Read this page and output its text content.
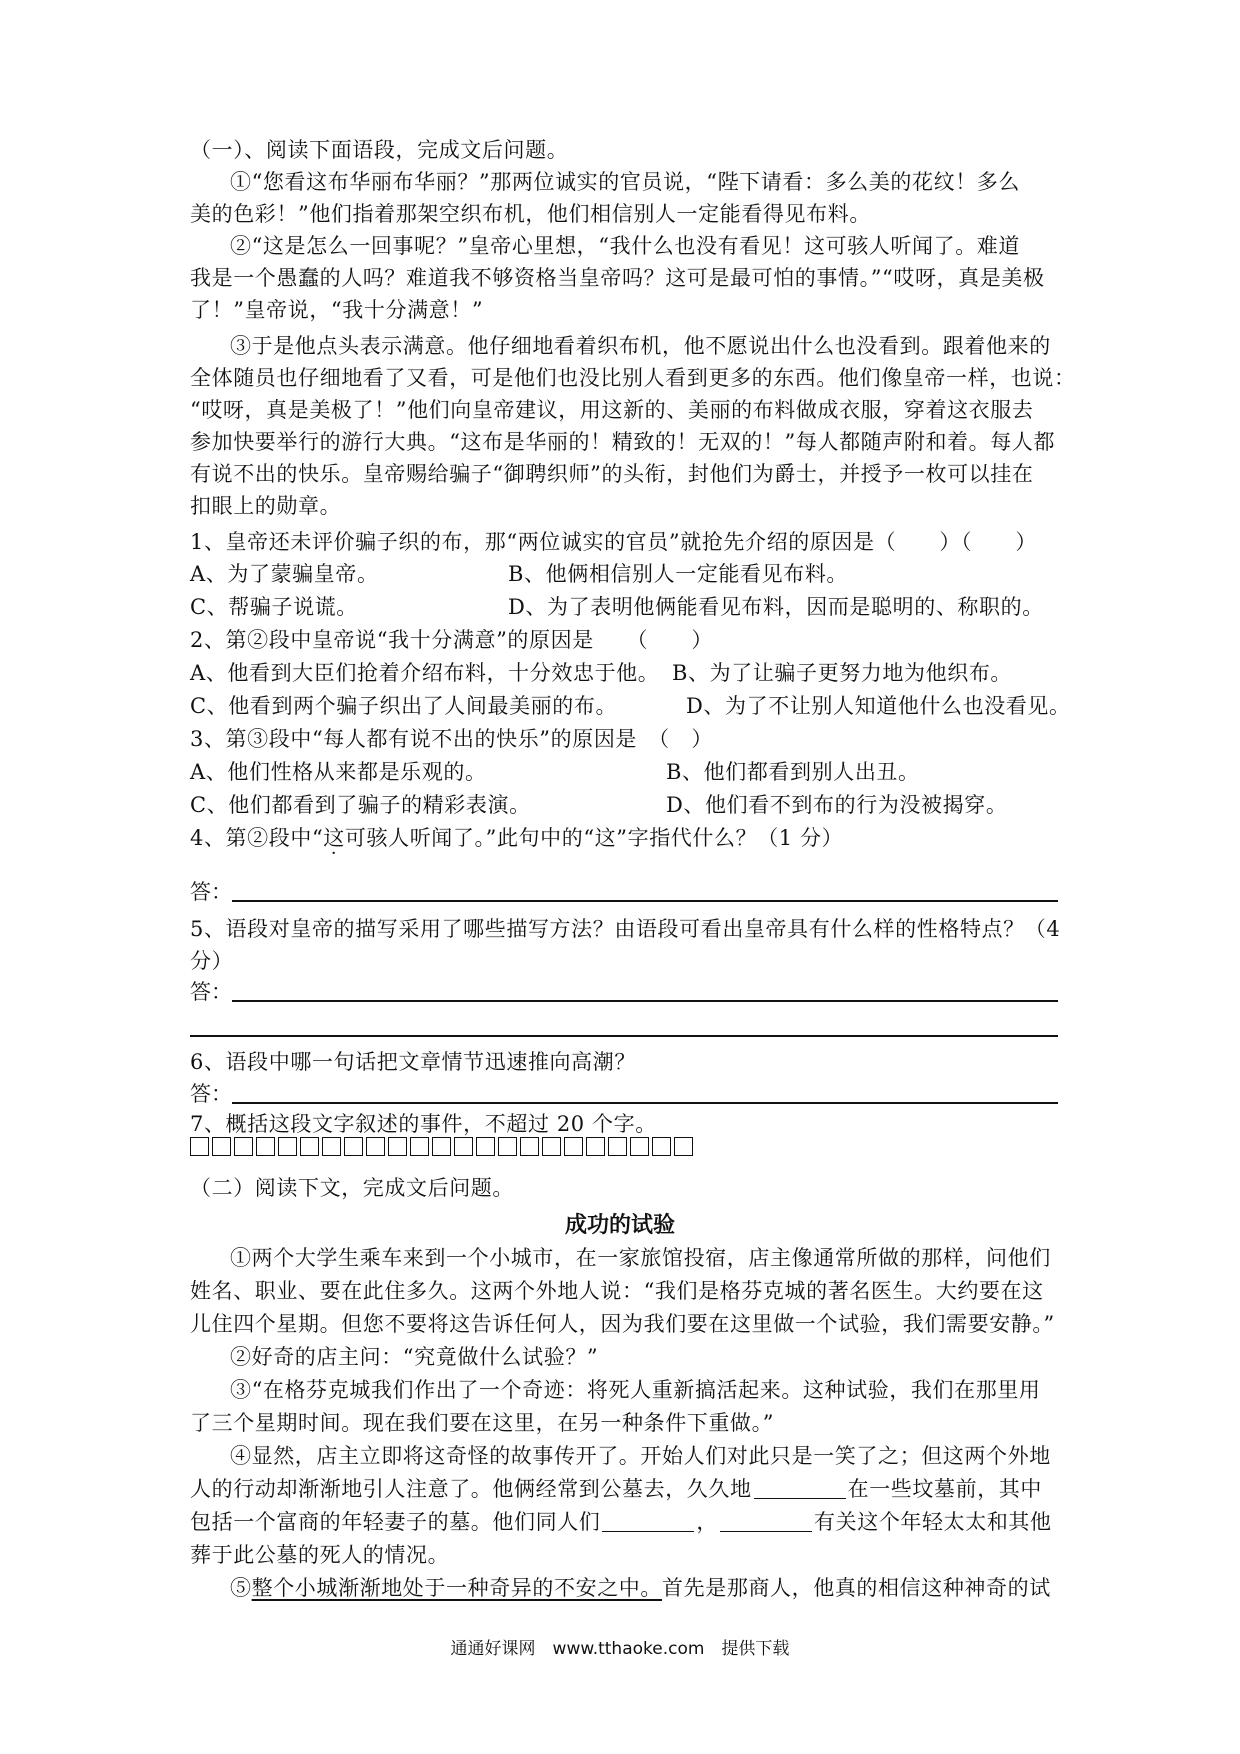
（一）、阅读下面语段，完成文后问题。
①“您看这布华丽布华丽？”那两位诚实的官员说，“陛下请看：多么美的花纹！多么
美的色彩！”他们指着那架空织布机，他们相信别人一定能看得见布料。
②“这是怎么一回事呢？”皇帝心里想，“我什么也没有看见！这可骇人听闻了。难道
我是一个愚蠢的人吗？难道我不够资格当皇帝吗？这可是最可怕的事情。”“哎呀，真是美极
了！”皇帝说，“我十分满意！”
③于是他点头表示满意。他仔细地看着织布机，他不愿说出什么也没看到。跟着他来的
全体随员也仔细地看了又看，可是他们也没比别人看到更多的东西。他们像皇帝一样，也说：
“哎呀，真是美极了！”他们向皇帝建议，用这新的、美丽的布料做成衣服，穿着这衣服去
参加快要举行的游行大典。“这布是华丽的！精致的！无双的！”每人都随声附和着。每人都
有说不出的快乐。皇帝赐给骗子“御聘织师”的头衔，封他们为爵士，并授予一枚可以挂在
扣眼上的勋章。
1、皇帝还未评价骗子织的布，那“两位诚实的官员”就抢先介绍的原因是（　　）（　　）
A、为了蒙骗皇帝。	B、他俩相信别人一定能看见布料。
C、帮骗子说谎。	D、为了表明他俩能看见布料，因而是聪明的、称职的。
2、第②段中皇帝说“我十分满意”的原因是　　（　　）
A、他看到大臣们抢着介绍布料，十分效忠于他。 B、为了让骗子更努力地为他织布。
C、他看到两个骗子织出了人间最美丽的布。	D、为了不让别人知道他什么也没看见。
3、第③段中“每人都有说不出的快乐”的原因是　（　）
A、他们性格从来都是乐观的。	B、他们都看到别人出丑。
C、他们都看到了骗子的精彩表演。	D、他们看不到布的行为没被揭穿。
4、第②段中“这可骇人听闻了。”此句中的“这”字指代什么？（1 分）
答：
5、语段对皇帝的描写采用了哪些描写方法？由语段可看出皇帝具有什么样的性格特点？（4
分）
答：
6、语段中哪一句话把文章情节迅速推向高潮？
答：
7、概括这段文字叙述的事件，不超过 20 个字。
（二）阅读下文，完成文后问题。
成功的试验
①两个大学生乘车来到一个小城市，在一家旅馆投宿，店主像通常所做的那样，问他们
姓名、职业、要在此住多久。这两个外地人说：“我们是格芬克城的著名医生。大约要在这
儿住四个星期。但您不要将这告诉任何人，因为我们要在这里做一个试验，我们需要安静。”
②好奇的店主问：“究竟做什么试验？”
③“在格芬克城我们作出了一个奇迹：将死人重新搞活起来。这种试验，我们在那里用
了三个星期时间。现在我们要在这里，在另一种条件下重做。”
④显然，店主立即将这奇怪的故事传开了。开始人们对此只是一笑了之；但这两个外地
人的行动却渐渐地引人注意了。他俩经常到公墓去，久久地	在一些坟墓前，其中
包括一个富商的年轻妻子的墓。他们同人们	，	有关这个年轻太太和其他
葬于此公墓的死人的情况。
⑤整个小城渐渐地处于一种奇异的不安之中。首先是那商人，他真的相信这种神奇的试
通通好课网　www.tthaoke.com　提供下载
